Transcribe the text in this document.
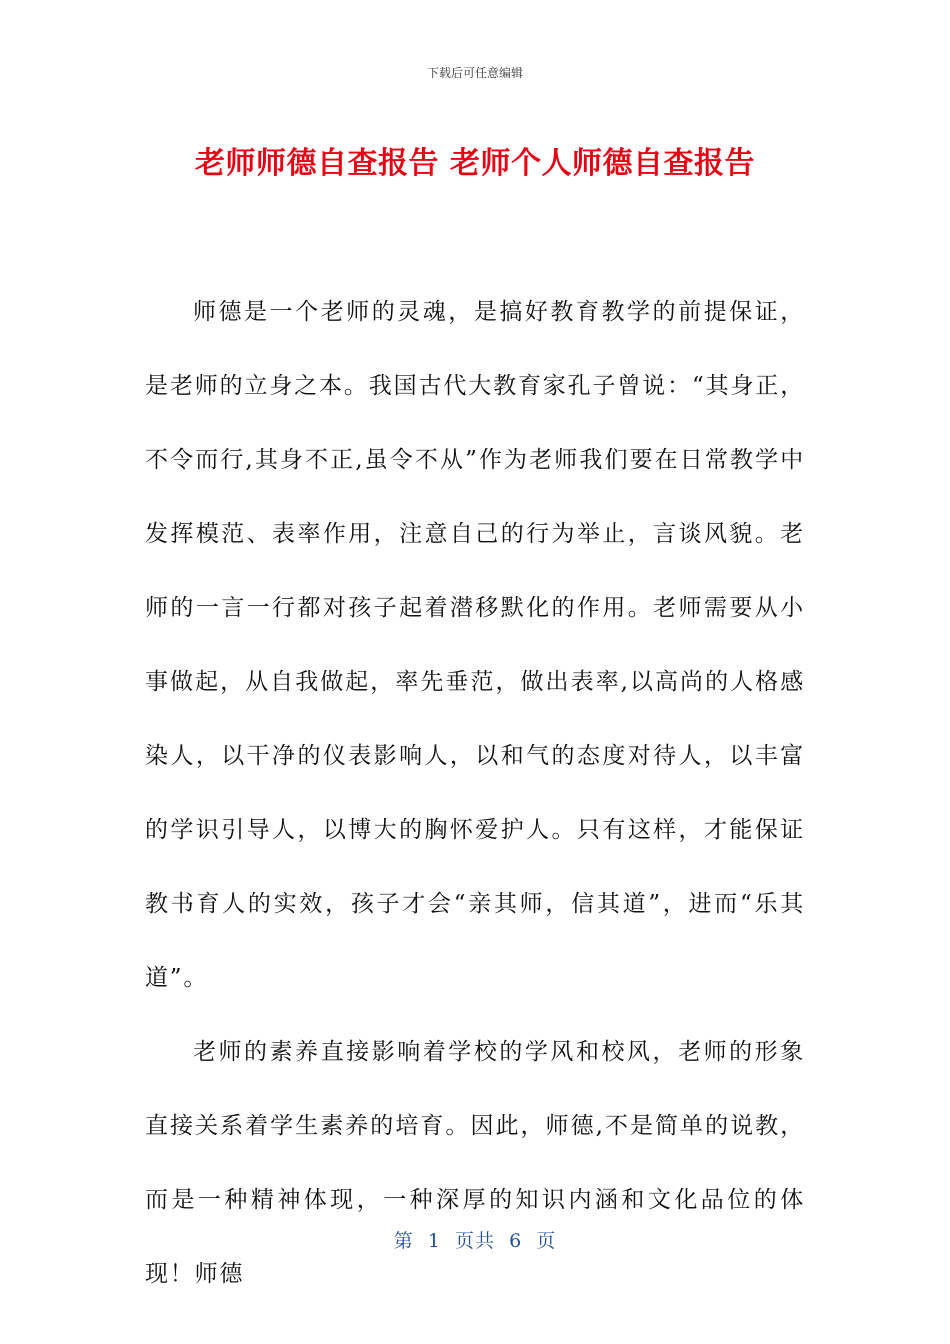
下载后可任意编辑
老师师德自查报告 老师个人师德自查报告

师德是一个老师的灵魂，是搞好教育教学的前提保证，是老师的立身之本。我国古代大教育家孔子曾说：“其身正，不令而行,其身不正,虽令不从”作为老师我们要在日常教学中发挥模范、表率作用，注意自己的行为举止，言谈风貌。老师的一言一行都对孩子起着潜移默化的作用。老师需要从小事做起，从自我做起，率先垂范，做出表率,以高尚的人格感染人，以干净的仪表影响人，以和气的态度对待人，以丰富的学识引导人，以博大的胸怀爱护人。只有这样，才能保证教书育人的实效，孩子才会“亲其师，信其道”，进而“乐其道”。

老师的素养直接影响着学校的学风和校风，老师的形象直接关系着学生素养的培育。因此，师德,不是简单的说教，而是一种精神体现，一种深厚的知识内涵和文化品位的体现！师德

第  1  页共  6  页
